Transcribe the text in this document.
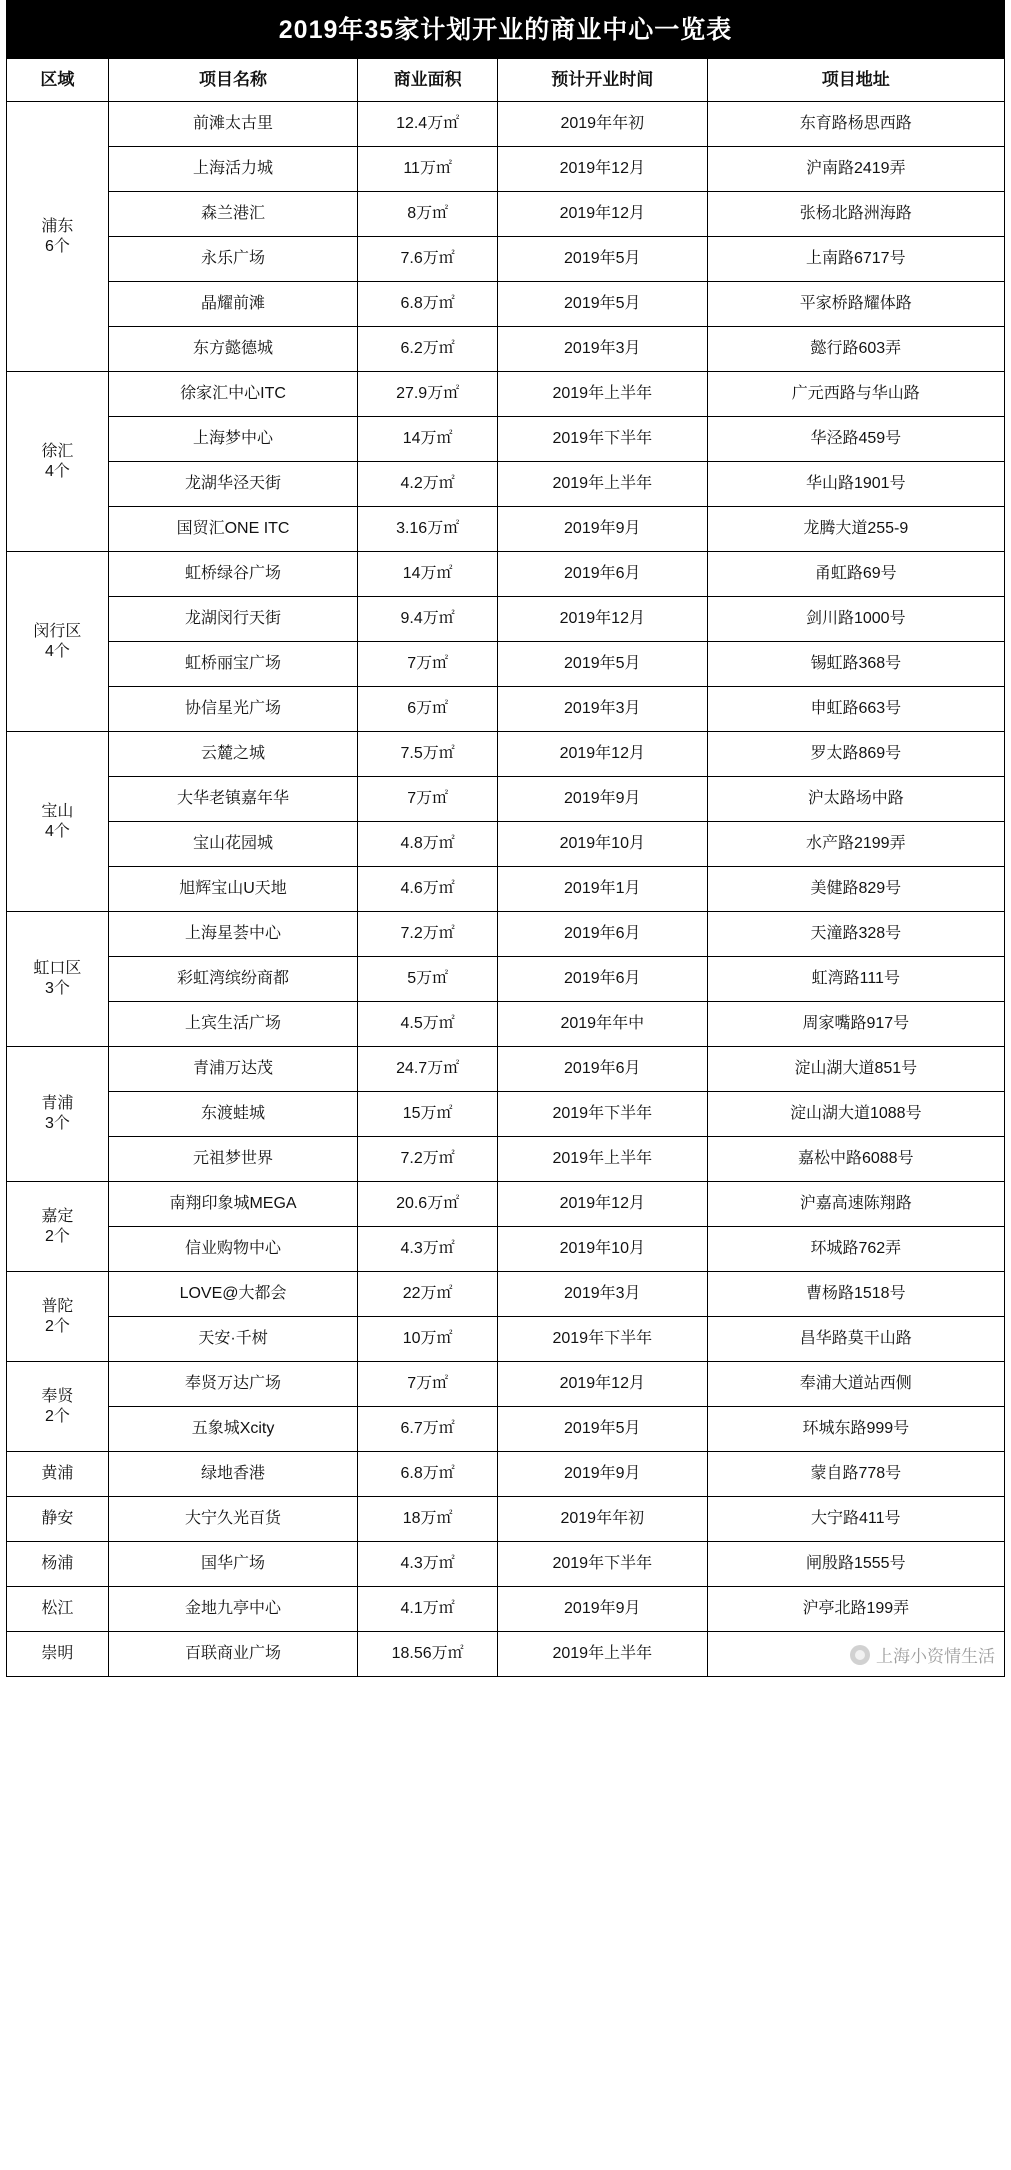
2019年35家计划开业的商业中心一览表
区域	项目名称	商业面积	预计开业时间	项目地址

浦东
6个	前滩太古里	12.4万㎡	2019年年初	东育路杨思西路
	上海活力城	11万㎡	2019年12月	沪南路2419弄
	森兰港汇	8万㎡	2019年12月	张杨北路洲海路
	永乐广场	7.6万㎡	2019年5月	上南路6717号
	晶耀前滩	6.8万㎡	2019年5月	平家桥路耀体路
	东方懿德城	6.2万㎡	2019年3月	懿行路603弄

徐汇
4个	徐家汇中心ITC	27.9万㎡	2019年上半年	广元西路与华山路
	上海梦中心	14万㎡	2019年下半年	华泾路459号
	龙湖华泾天街	4.2万㎡	2019年上半年	华山路1901号
	国贸汇ONE ITC	3.16万㎡	2019年9月	龙腾大道255-9

闵行区
4个	虹桥绿谷广场	14万㎡	2019年6月	甬虹路69号
	龙湖闵行天街	9.4万㎡	2019年12月	剑川路1000号
	虹桥丽宝广场	7万㎡	2019年5月	锡虹路368号
	协信星光广场	6万㎡	2019年3月	申虹路663号

宝山
4个	云麓之城	7.5万㎡	2019年12月	罗太路869号
	大华老镇嘉年华	7万㎡	2019年9月	沪太路场中路
	宝山花园城	4.8万㎡	2019年10月	水产路2199弄
	旭辉宝山U天地	4.6万㎡	2019年1月	美健路829号

虹口区
3个	上海星荟中心	7.2万㎡	2019年6月	天潼路328号
	彩虹湾缤纷商都	5万㎡	2019年6月	虹湾路111号
	上宾生活广场	4.5万㎡	2019年年中	周家嘴路917号

青浦
3个	青浦万达茂	24.7万㎡	2019年6月	淀山湖大道851号
	东渡蛙城	15万㎡	2019年下半年	淀山湖大道1088号
	元祖梦世界	7.2万㎡	2019年上半年	嘉松中路6088号

嘉定
2个	南翔印象城MEGA	20.6万㎡	2019年12月	沪嘉高速陈翔路
	信业购物中心	4.3万㎡	2019年10月	环城路762弄

普陀
2个	LOVE@大都会	22万㎡	2019年3月	曹杨路1518号
	天安·千树	10万㎡	2019年下半年	昌华路莫干山路

奉贤
2个	奉贤万达广场	7万㎡	2019年12月	奉浦大道站西侧
	五象城Xcity	6.7万㎡	2019年5月	环城东路999号

黄浦	绿地香港	6.8万㎡	2019年9月	蒙自路778号

静安	大宁久光百货	18万㎡	2019年年初	大宁路411号

杨浦	国华广场	4.3万㎡	2019年下半年	闸殷路1555号

松江	金地九亭中心	4.1万㎡	2019年9月	沪亭北路199弄

崇明	百联商业广场	18.56万㎡	2019年上半年		上海小资情生活
